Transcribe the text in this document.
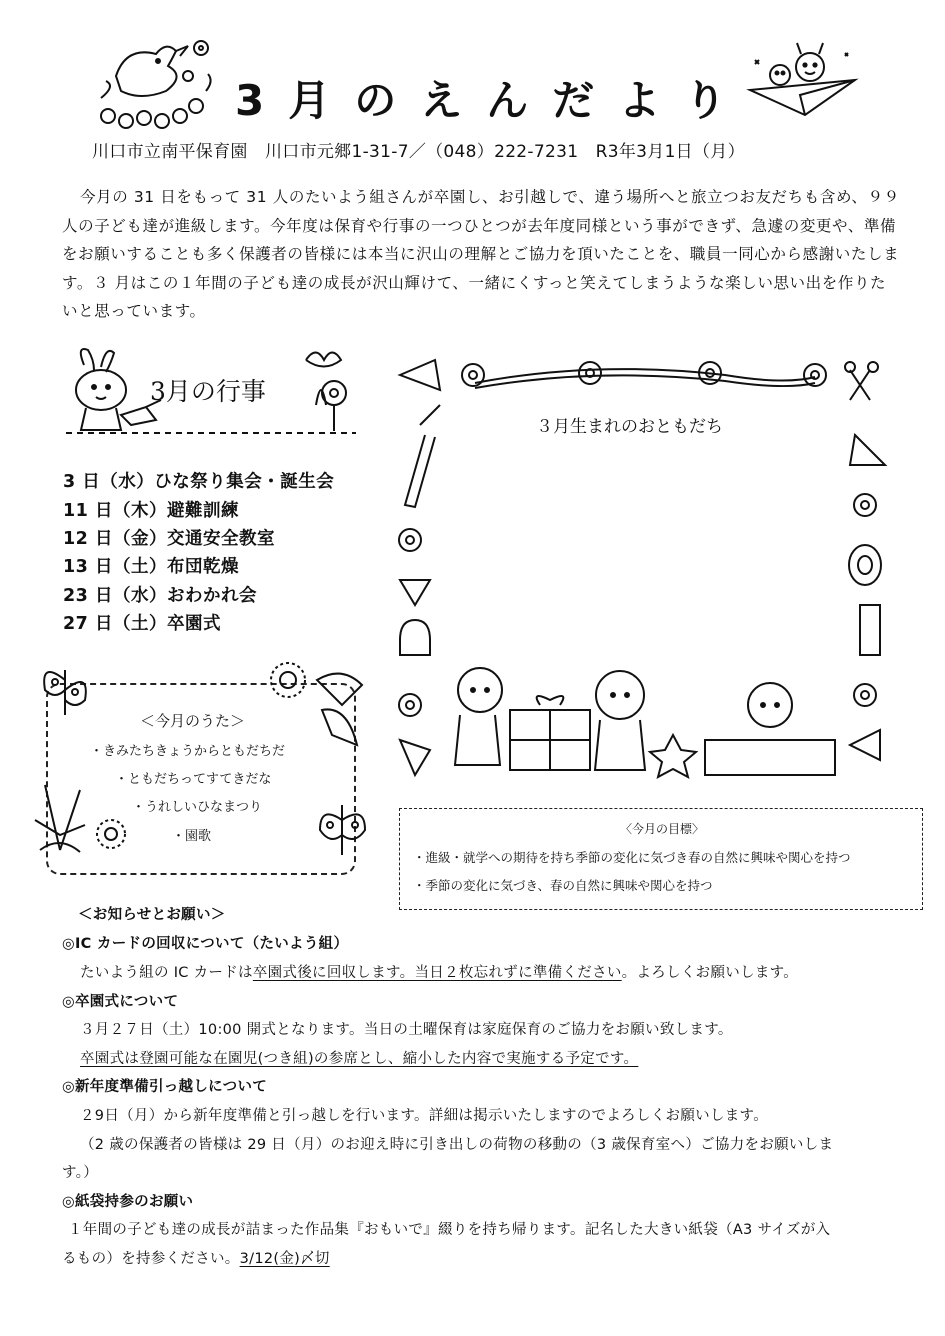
3月のえんだより
川口市立南平保育園　川口市元郷1-31-7／（048）222-7231　R3年3月1日（月）
今月の 31 日をもって 31 人のたいよう組さんが卒園し、お引越しで、違う場所へと旅立つお友だちも含め、９９人の子ども達が進級します。今年度は保育や行事の一つひとつが去年度同様という事ができず、急遽の変更や、準備をお願いすることも多く保護者の皆様には本当に沢山の理解とご協力を頂いたことを、職員一同心から感謝いたします。３ 月はこの１年間の子ども達の成長が沢山輝けて、一緒にくすっと笑えてしまうような楽しい思い出を作りたいと思っています。
3月の行事
3 日（水）ひな祭り集会・誕生会
11 日（木）避難訓練
12 日（金）交通安全教室
13 日（土）布団乾燥
23 日（水）おわかれ会
27 日（土）卒園式
＜今月のうた＞
・きみたちきょうからともだちだ
・ともだちってすてきだな
・うれしいひなまつり
・園歌
３月生まれのおともだち
〈今月の目標〉
・進級・就学への期待を持ち季節の変化に気づき春の自然に興味や関心を持つ
・季節の変化に気づき、春の自然に興味や関心を持つ
＜お知らせとお願い＞
◎IC カードの回収について（たいよう組）
たいよう組の IC カードは卒園式後に回収します。当日２枚忘れずに準備ください。よろしくお願いします。
◎卒園式について
３月２７日（土）10:00 開式となります。当日の土曜保育は家庭保育のご協力をお願い致します。
卒園式は登園可能な在園児(つき組)の参席とし、縮小した内容で実施する予定です。
◎新年度準備引っ越しについて
２9日（月）から新年度準備と引っ越しを行います。詳細は掲示いたしますのでよろしくお願いします。
（2 歳の保護者の皆様は 29 日（月）のお迎え時に引き出しの荷物の移動の（3 歳保育室へ）ご協力をお願いしま
す。）
◎紙袋持参のお願い
１年間の子ども達の成長が詰まった作品集『おもいで』綴りを持ち帰ります。記名した大きい紙袋（A3 サイズが入
るもの）を持参ください。3/12(金)〆切
